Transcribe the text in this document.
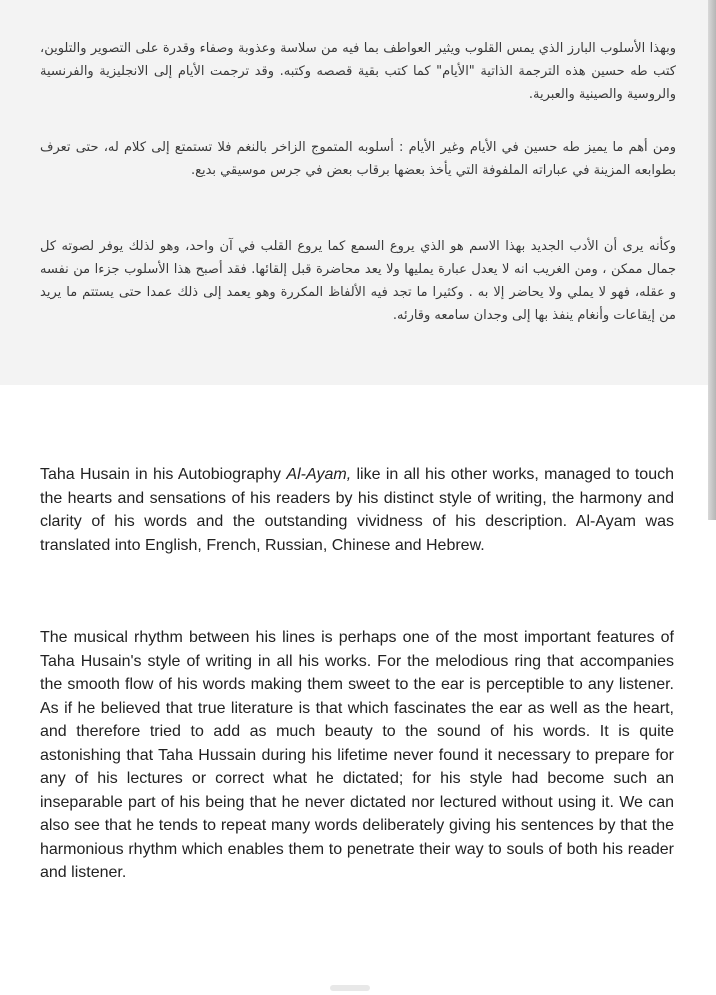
وبهذا الأسلوب البارز الذي يمس القلوب ويثير العواطف بما فيه من سلاسة وعذوبة وصفاء وقدرة على التصوير والتلوين، كتب طه حسين هذه الترجمة الذاتية "الأيام" كما كتب بقية قصصه وكتبه. وقد ترجمت الأيام إلى الانجليزية والفرنسية والروسية والصينية والعبرية.

ومن أهم ما يميز طه حسين في الأيام وغير الأيام : أسلوبه المتموج الزاخر بالنغم فلا تستمتع إلى كلام له، حتى تعرف بطوابعه المزينة في عباراته الملفوفة التي يأخذ بعضها برقاب بعض في جرس موسيقي بديع.

وكأنه يرى أن الأدب الجديد بهذا الاسم هو الذي يروع السمع كما يروع القلب في آن واحد، وهو لذلك يوفر لصوته كل جمال ممكن ، ومن الغريب انه لا يعدل عبارة يمليها ولا يعد محاضرة قبل إلقائها. فقد أصبح هذا الأسلوب جزءا من نفسه و عقله، فهو لا يملي ولا يحاضر إلا به . وكثيرا ما تجد فيه الألفاظ المكررة وهو يعمد إلى ذلك عمدا حتى يستتم ما يريد من إيقاعات وأنغام ينفذ بها إلى وجدان سامعه وقارئه.

Taha Husain in his Autobiography Al-Ayam, like in all his other works, managed to touch the hearts and sensations of his readers by his distinct style of writing, the harmony and clarity of his words and the outstanding vividness of his description. Al-Ayam was translated into English, French, Russian, Chinese and Hebrew.

The musical rhythm between his lines is perhaps one of the most important features of Taha Husain's style of writing in all his works. For the melodious ring that accompanies the smooth flow of his words making them sweet to the ear is perceptible to any listener. As if he believed that true literature is that which fascinates the ear as well as the heart, and therefore tried to add as much beauty to the sound of his words. It is quite astonishing that Taha Hussain during his lifetime never found it necessary to prepare for any of his lectures or correct what he dictated; for his style had become such an inseparable part of his being that he never dictated nor lectured without using it. We can also see that he tends to repeat many words deliberately giving his sentences by that the harmonious rhythm which enables them to penetrate their way to souls of both his reader and listener.
